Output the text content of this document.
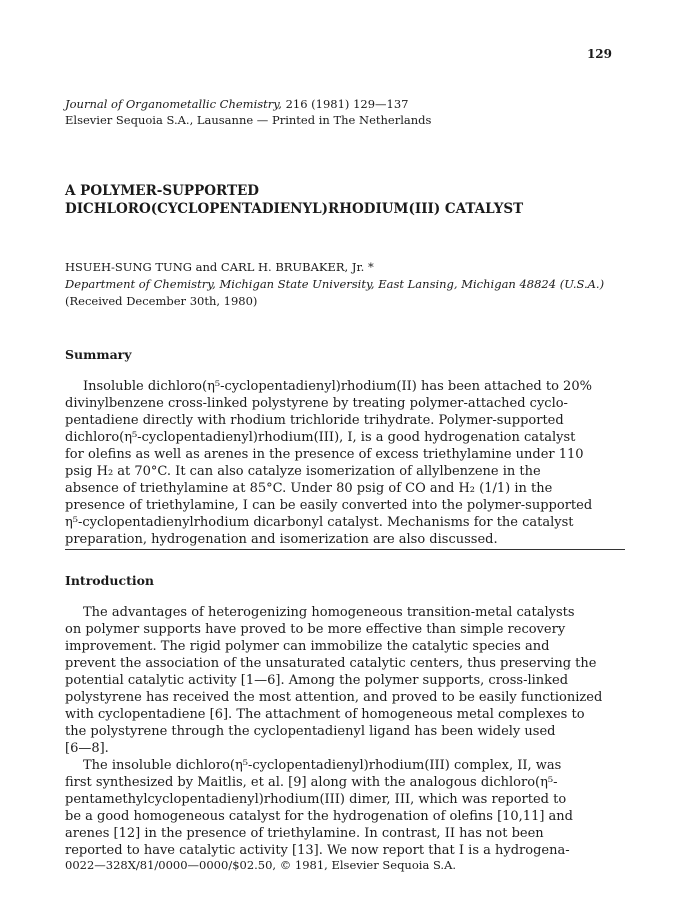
129
Journal of Organometallic Chemistry, 216 (1981) 129—137
Elsevier Sequoia S.A., Lausanne — Printed in The Netherlands
A POLYMER-SUPPORTED
DICHLORO(CYCLOPENTADIENYL)RHODIUM(III) CATALYST
HSUEH-SUNG TUNG and CARL H. BRUBAKER, Jr. *
Department of Chemistry, Michigan State University, East Lansing, Michigan 48824 (U.S.A.)
(Received December 30th, 1980)
Summary
Insoluble dichloro(η⁵-cyclopentadienyl)rhodium(II) has been attached to 20%
divinylbenzene cross-linked polystyrene by treating polymer-attached cyclo-
pentadiene directly with rhodium trichloride trihydrate. Polymer-supported
dichloro(η⁵-cyclopentadienyl)rhodium(III), I, is a good hydrogenation catalyst
for olefins as well as arenes in the presence of excess triethylamine under 110
psig H₂ at 70°C. It can also catalyze isomerization of allylbenzene in the
absence of triethylamine at 85°C. Under 80 psig of CO and H₂ (1/1) in the
presence of triethylamine, I can be easily converted into the polymer-supported
η⁵-cyclopentadienylrhodium dicarbonyl catalyst. Mechanisms for the catalyst
preparation, hydrogenation and isomerization are also discussed.
Introduction
The advantages of heterogenizing homogeneous transition-metal catalysts
on polymer supports have proved to be more effective than simple recovery
improvement. The rigid polymer can immobilize the catalytic species and
prevent the association of the unsaturated catalytic centers, thus preserving the
potential catalytic activity [1—6]. Among the polymer supports, cross-linked
polystyrene has received the most attention, and proved to be easily functionized
with cyclopentadiene [6]. The attachment of homogeneous metal complexes to
the polystyrene through the cyclopentadienyl ligand has been widely used
[6—8].
The insoluble dichloro(η⁵-cyclopentadienyl)rhodium(III) complex, II, was
first synthesized by Maitlis, et al. [9] along with the analogous dichloro(η⁵-
pentamethylcyclopentadienyl)rhodium(III) dimer, III, which was reported to
be a good homogeneous catalyst for the hydrogenation of olefins [10,11] and
arenes [12] in the presence of triethylamine. In contrast, II has not been
reported to have catalytic activity [13]. We now report that I is a hydrogena-
0022—328X/81/0000—0000/$02.50, © 1981, Elsevier Sequoia S.A.
